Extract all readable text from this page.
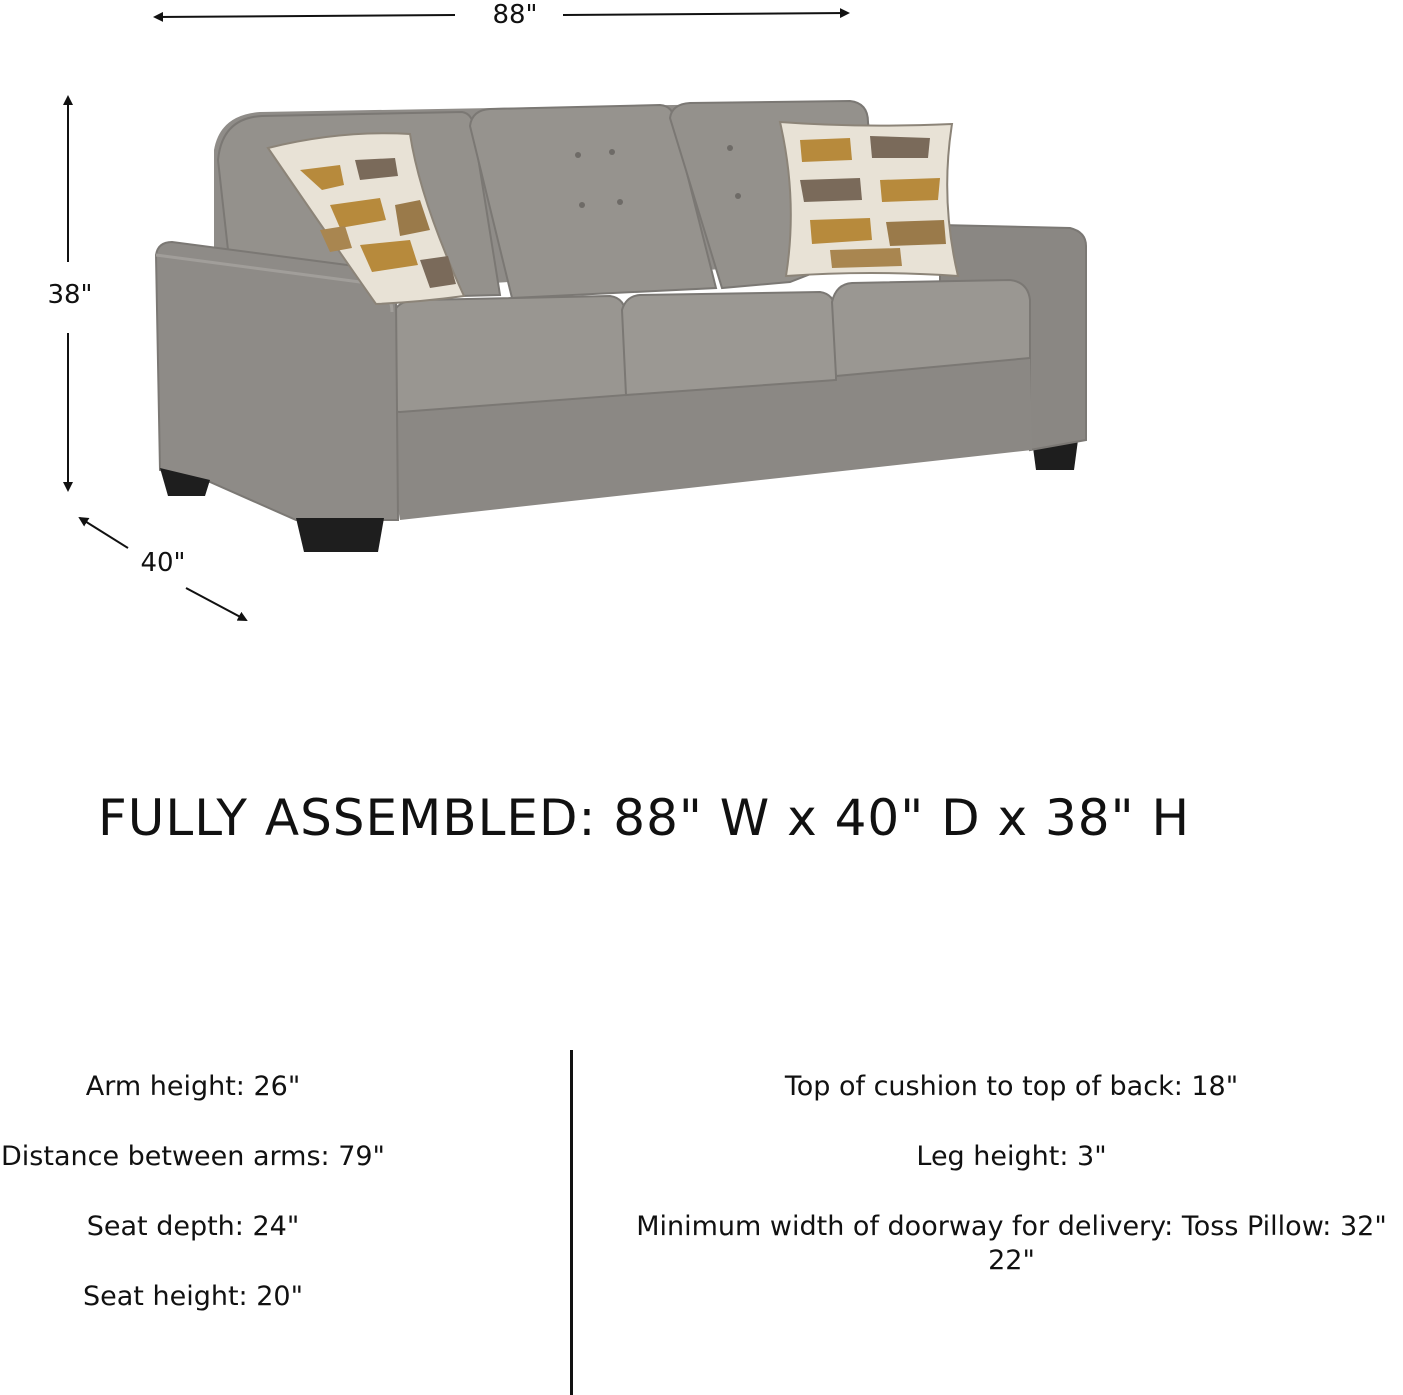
88"
38"
40"
FULLY ASSEMBLED: 88" W x 40" D x 38" H

Arm height: 26"

Distance between arms: 79"

Seat depth: 24"

Seat height: 20"

Top of cushion to top of back: 18"

Leg height: 3"

Minimum width of doorway for delivery: Toss Pillow: 32" 22"
